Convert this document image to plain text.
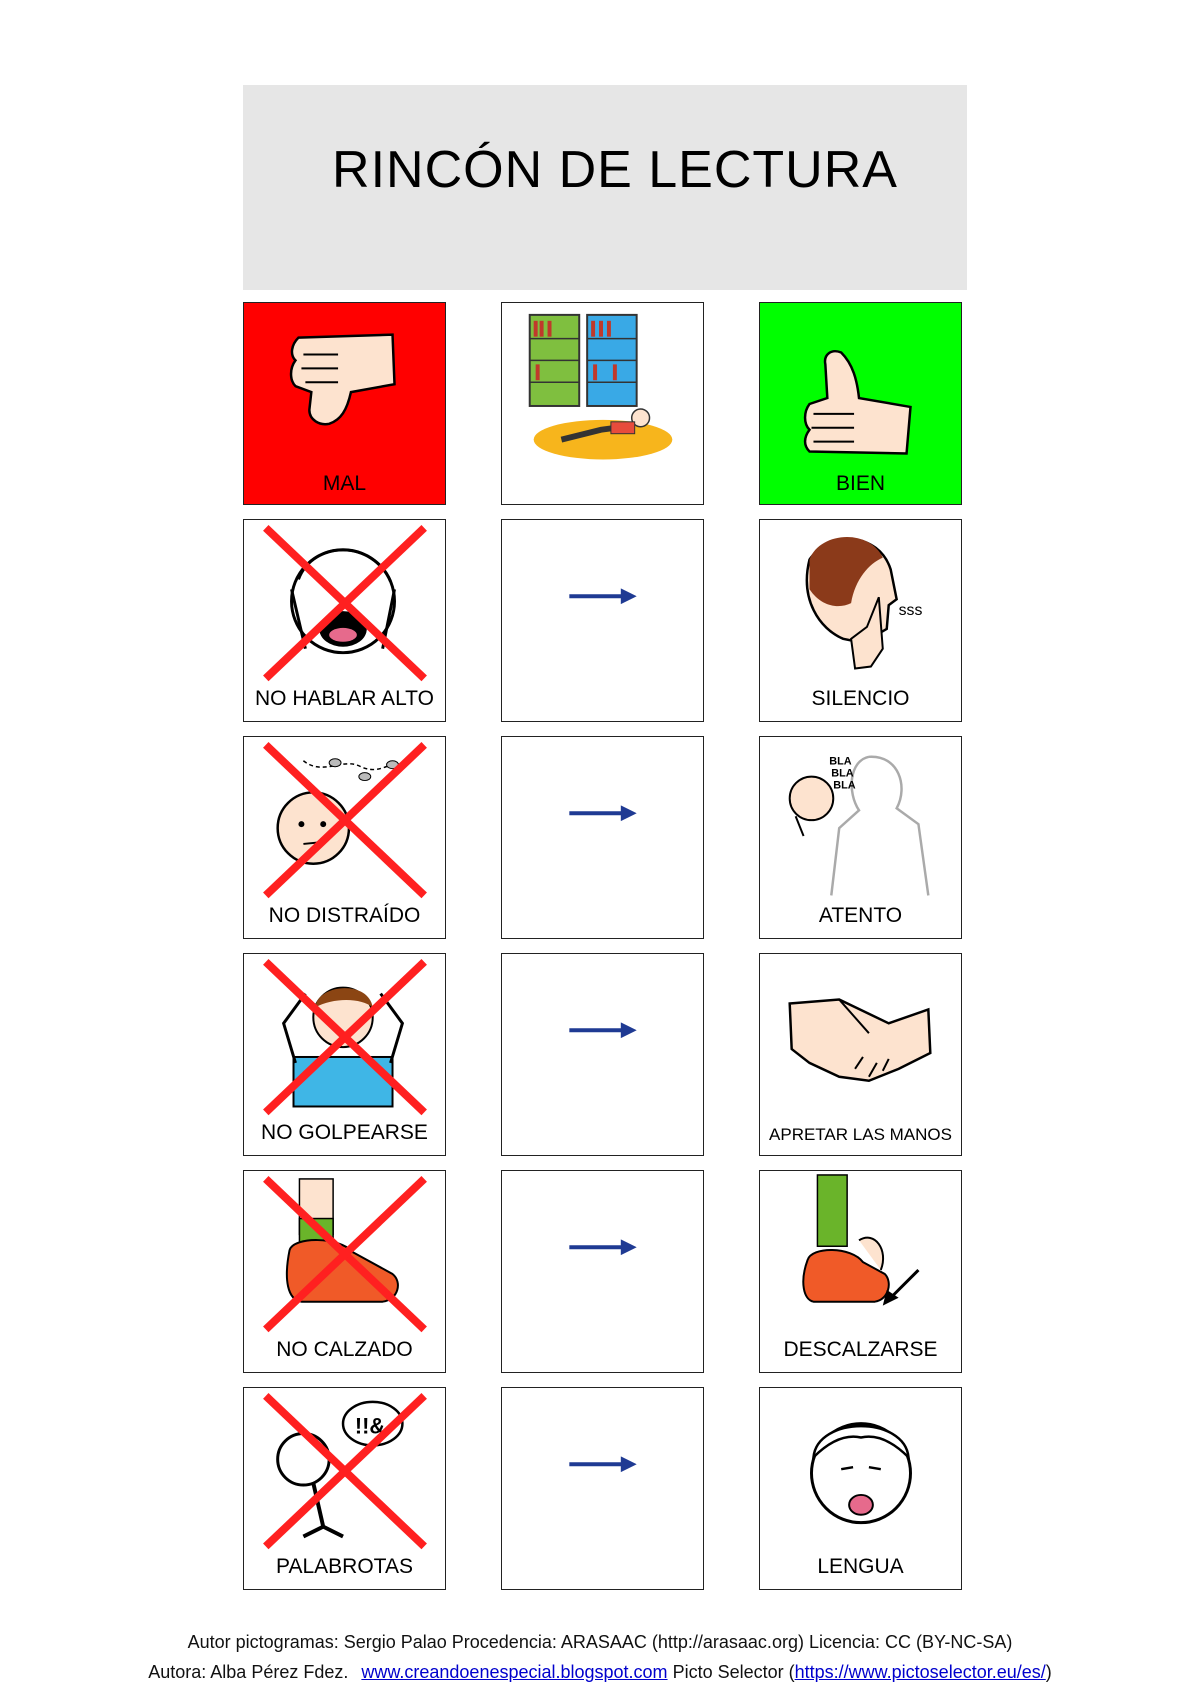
RINCÓN DE LECTURA
MAL	BIEN
NO HABLAR ALTO
sss
SILENCIO
NO DISTRAÍDO
BLA
BLA
BLA
ATENTO
NO GOLPEARSE	APRETAR LAS MANOS
NO CALZADO	DESCALZARSE
!!&
PALABROTAS	LENGUA
Autor pictogramas: Sergio Palao Procedencia: ARASAAC (http://arasaac.org) Licencia: CC (BY-NC-SA)
Autora: Alba Pérez Fdez. www.creandoenespecial.blogspot.com Picto Selector (https://www.pictoselector.eu/es/)
